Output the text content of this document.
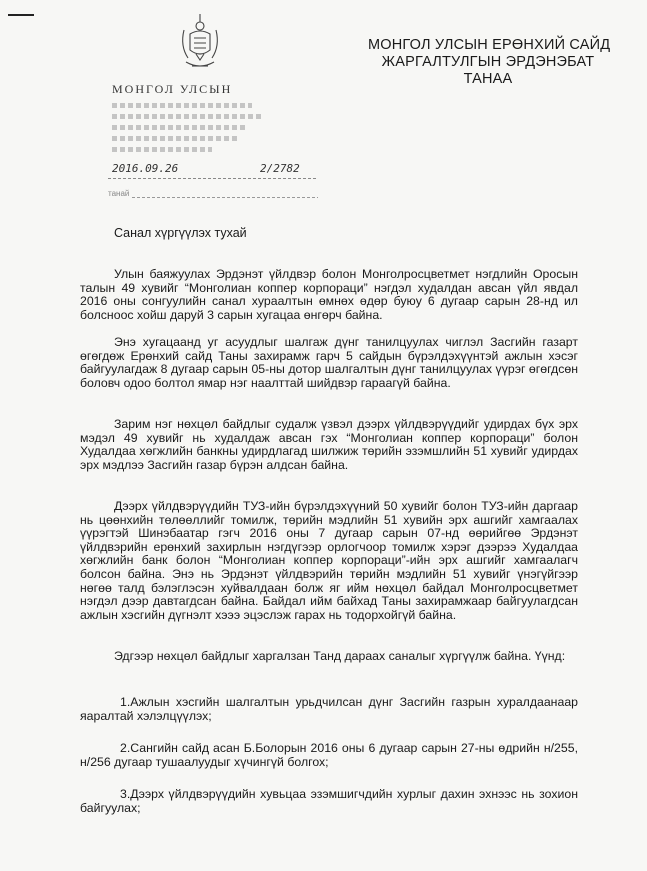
МОНГОЛ УЛСЫН
2016.09.26	2/2782
танай
МОНГОЛ УЛСЫН ЕРӨНХИЙ САЙД
ЖАРГАЛТУЛГЫН ЭРДЭНЭБАТ
ТАНАА
Санал хүргүүлэх тухай
Улын баяжуулах Эрдэнэт үйлдвэр болон Монголросцветмет нэгдлийн Оросын талын 49 хувийг “Монголиан коппер корпораци” нэгдэл худалдан авсан үйл явдал 2016 оны сонгуулийн санал хураалтын өмнөх өдөр буюу 6 дугаар сарын 28-нд ил болсноос хойш даруй 3 сарын хугацаа өнгөрч байна.
Энэ хугацаанд уг асуудлыг шалгаж дүнг танилцуулах чиглэл Засгийн газарт өгөгдөж Ерөнхий сайд Таны захирамж гарч 5 сайдын бүрэлдэхүүнтэй ажлын хэсэг байгуулагдаж 8 дугаар сарын 05-ны дотор шалгалтын дүнг танилцуулах үүрэг өгөгдсөн боловч одоо болтол ямар нэг наалттай шийдвэр гараагүй байна.
Зарим нэг нөхцөл байдлыг судалж үзвэл дээрх үйлдвэрүүдийг удирдах бүх эрх мэдэл 49 хувийг нь худалдаж авсан гэх “Монголиан коппер корпораци” болон Худалдаа хөгжлийн банкны удирдлагад шилжиж төрийн эзэмшлийн 51 хувийг удирдах эрх мэдлээ Засгийн газар бүрэн алдсан байна.
Дээрх үйлдвэрүүдийн ТУЗ-ийн бүрэлдэхүүний 50 хувийг болон ТУЗ-ийн даргаар нь цөөнхийн төлөөллийг томилж, төрийн мэдлийн 51 хувийн эрх ашгийг хамгаалах үүрэгтэй Шинэбаатар гэгч 2016 оны 7 дугаар сарын 07-нд өөрийгөө Эрдэнэт үйлдвэрийн ерөнхий захирлын нэгдүгээр орлогчоор томилж хэрэг дээрээ Худалдаа хөгжлийн банк болон “Монголиан коппер корпораци”-ийн эрх ашгийг хамгаалагч болсон байна. Энэ нь Эрдэнэт үйлдвэрийн төрийн мэдлийн 51 хувийг үнэгүйгээр нөгөө талд бэлэглэсэн хуйвалдаан болж яг ийм нөхцөл байдал Монголросцветмет нэгдэл дээр давтагдсан байна. Байдал ийм байхад Таны захирамжаар байгуулагдсан ажлын хэсгийн дүгнэлт хэээ эцэслэж гарах нь тодорхойгүй байна.
Эдгээр нөхцөл байдлыг харгалзан Танд дараах саналыг хүргүүлж байна. Үүнд:
1.Ажлын хэсгийн шалгалтын урьдчилсан дүнг Засгийн газрын хуралдаанаар яаралтай хэлэлцүүлэх;
2.Сангийн сайд асан Б.Болорын 2016 оны 6 дугаар сарын 27-ны өдрийн н/255, н/256 дугаар тушаалуудыг хүчингүй болгох;
3.Дээрх үйлдвэрүүдийн хувьцаа эзэмшигчдийн хурлыг дахин эхнээс нь зохион байгуулах;
